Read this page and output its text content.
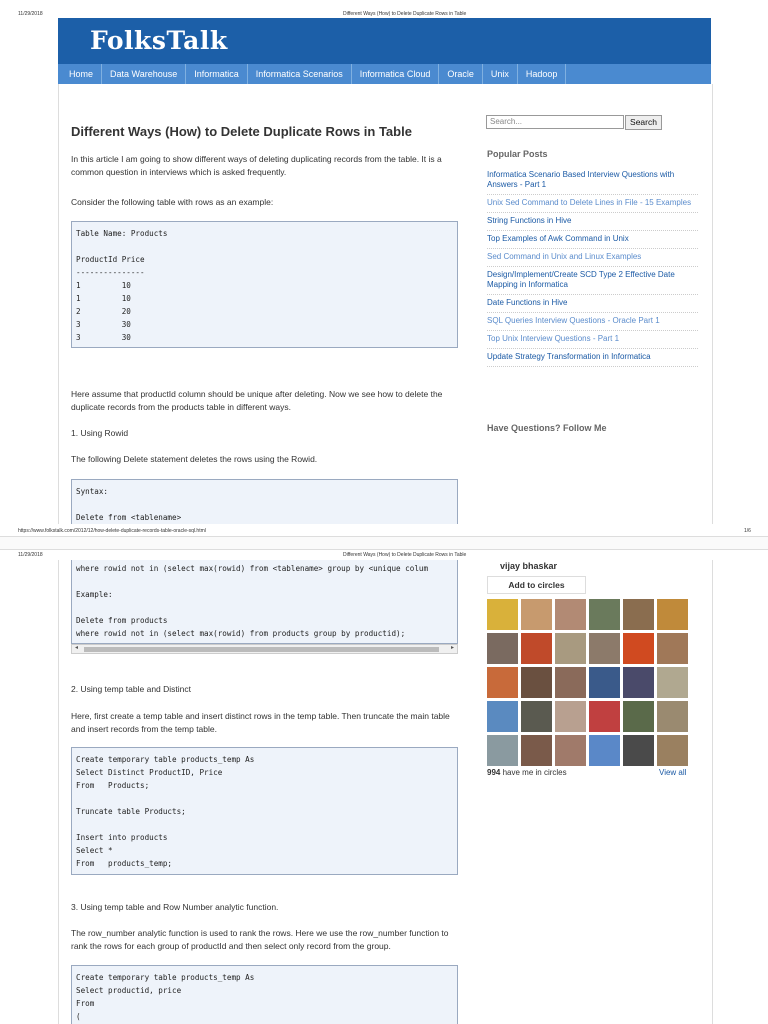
11/29/2018	Different Ways (How) to Delete Duplicate Rows in Table
FolksTalk
Home	Data Warehouse	Informatica	Informatica Scenarios	Informatica Cloud	Oracle	Unix	Hadoop
Different Ways (How) to Delete Duplicate Rows in Table
In this article I am going to show different ways of deleting duplicating records from the table. It is a common question in interviews which is asked frequently.
Consider the following table with rows as an example:
Table Name: Products

ProductId Price
---------------
1         10
1         10
2         20
3         30
3         30
Here assume that productId column should be unique after deleting. Now we see how to delete the duplicate records from the products table in different ways.
1. Using Rowid
The following Delete statement deletes the rows using the Rowid.
Syntax:

Delete from <tablename>
Search...	Search
Popular Posts
Informatica Scenario Based Interview Questions with Answers - Part 1
Unix Sed Command to Delete Lines in File - 15 Examples
String Functions in Hive
Top Examples of Awk Command in Unix
Sed Command in Unix and Linux Examples
Design/Implement/Create SCD Type 2 Effective Date Mapping in Informatica
Date Functions in Hive
SQL Queries Interview Questions - Oracle Part 1
Top Unix Interview Questions - Part 1
Update Strategy Transformation in Informatica
Have Questions? Follow Me
https://www.folkstalk.com/2012/12/how-delete-duplicate-records-table-oracle-sql.html	1/6
11/29/2018	Different Ways (How) to Delete Duplicate Rows in Table
where rowid not in (select max(rowid) from <tablename> group by <unique colum

Example:

Delete from products
where rowid not in (select max(rowid) from products group by productid);
◂	▸
2. Using temp table and Distinct
Here, first create a temp table and insert distinct rows in the temp table. Then truncate the main table and insert records from the temp table.
Create temporary table products_temp As
Select Distinct ProductID, Price
From   Products;

Truncate table Products;

Insert into products
Select *
From   products_temp;
3. Using temp table and Row Number analytic function.
The row_number analytic function is used to rank the rows. Here we use the row_number function to rank the rows for each group of productId and then select only record from the group.
Create temporary table products_temp As
Select productid, price
From
(
vijay bhaskar
Add to circles
994 have me in circles	View all
